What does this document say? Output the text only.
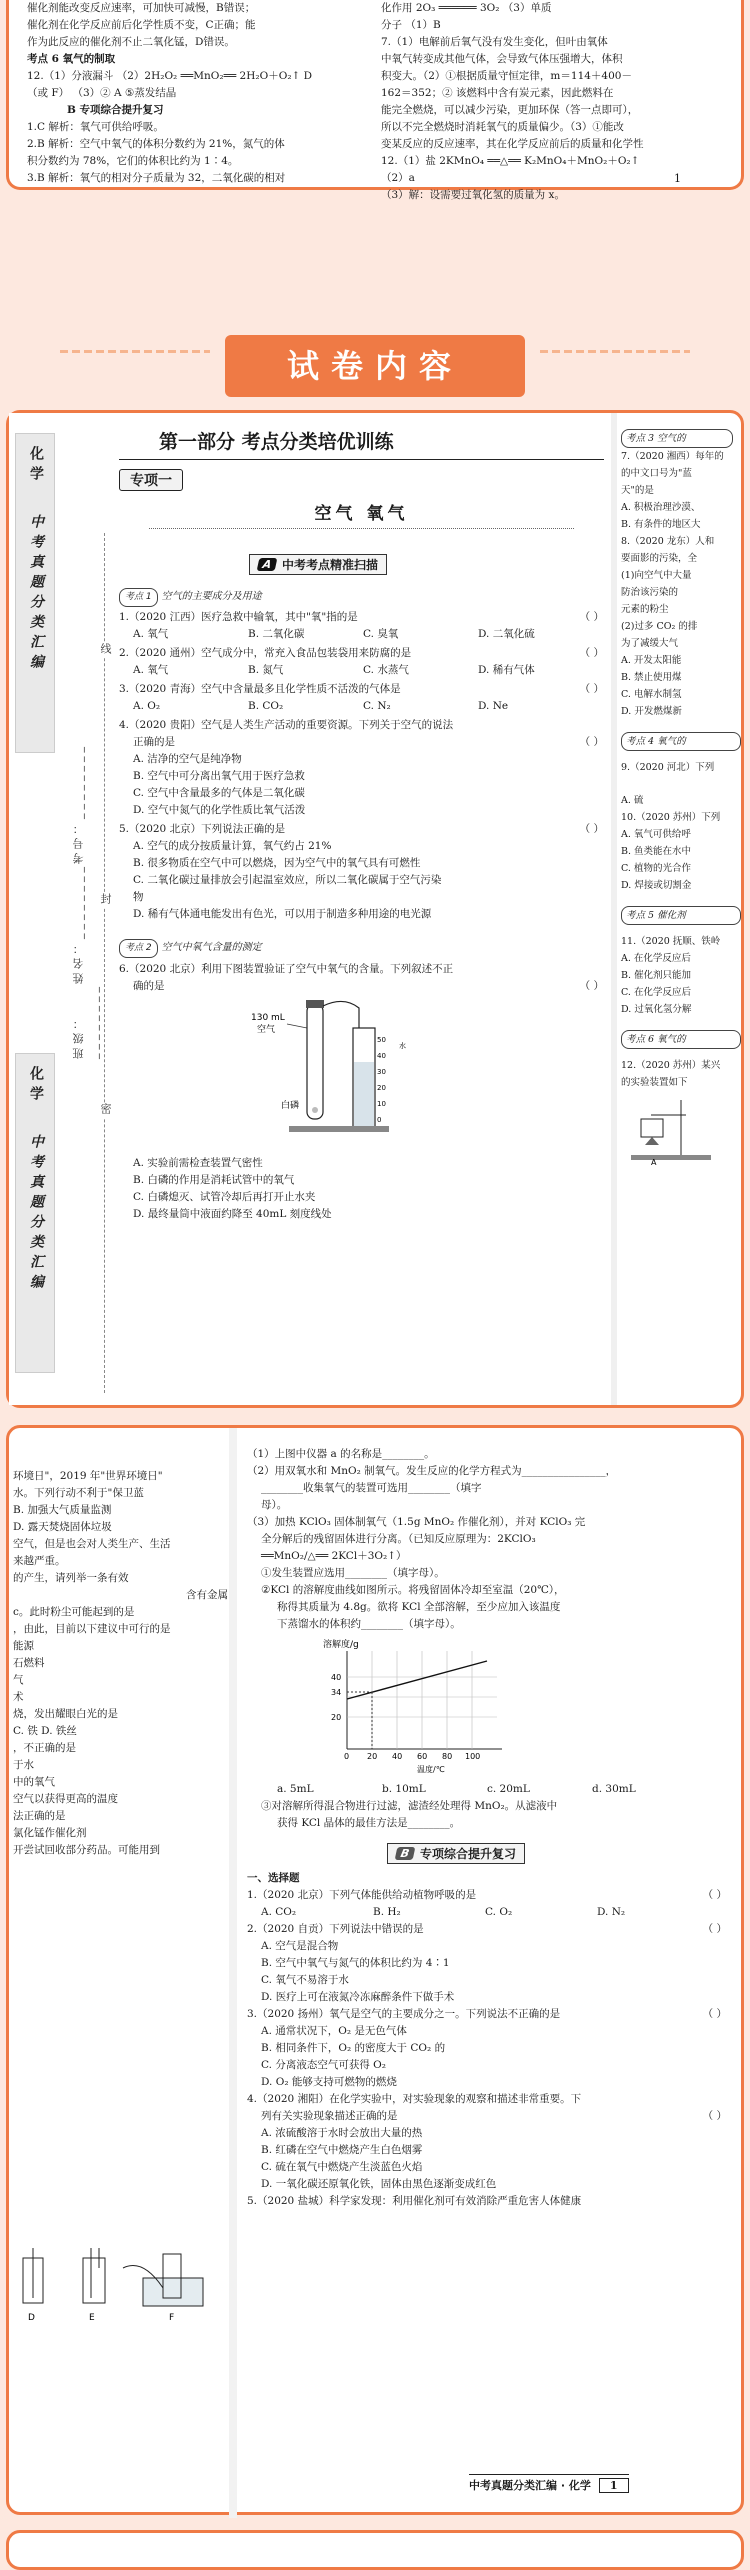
催化剂能改变反应速率，可加快可减慢，B错误；
催化剂在化学反应前后化学性质不变，C正确；能
作为此反应的催化剂不止二氧化锰，D错误。
考点 6 氧气的制取
12.（1）分液漏斗 （2）2H₂O₂ ══MnO₂══ 2H₂O＋O₂↑ D
（或 F） （3）② A ⑤蒸发结晶
B 专项综合提升复习
1.C 解析：氧气可供给呼吸。
2.B 解析：空气中氧气的体积分数约为 21%，氮气的体
积分数约为 78%，它们的体积比约为 1∶4。
3.B 解析：氧气的相对分子质量为 32，二氧化碳的相对
化作用 2O₃ ══════ 3O₂ （3）单质
分子 （1）B
7.（1）电解前后氧气没有发生变化，但叶由氧体
中氧气转变成其他气体，会导致气体压强增大，体积
积变大。（2）①根据质量守恒定律，m＝114＋400－
162＝352；② 该燃料中含有炭元素，因此燃料在
能完全燃烧，可以减少污染，更加环保（答一点即可），
所以不完全燃烧时消耗氧气的质量偏少。（3）①能改
变某反应的反应速率，其在化学反应前后的质量和化学性
12.（1）盐 2KMnO₄ ══△══ K₂MnO₄＋MnO₂＋O₂↑
（2）a
（3）解：设需要过氧化氢的质量为 x。
1
试卷内容
化学
中考真题分类汇编
化学
中考真题分类汇编
班级：________
姓名：________
考号：________
密
封
线
第一部分 考点分类培优训练
专项一
空气 氧气
A 中考考点精准扫描
考点 1 空气的主要成分及用途
1.（2020 江西）医疗急救中输氧，其中"氧"指的是	（ ）
A. 氧气	B. 二氧化碳	C. 臭氧	D. 二氧化硫
2.（2020 通州）空气成分中，常充入食品包装袋用来防腐的是	（ ）
A. 氧气	B. 氮气	C. 水蒸气	D. 稀有气体
3.（2020 青海）空气中含量最多且化学性质不活泼的气体是	（ ）
A. O₂	B. CO₂	C. N₂	D. Ne
4.（2020 贵阳）空气是人类生产活动的重要资源。下列关于空气的说法
正确的是	（ ）
A. 洁净的空气是纯净物
B. 空气中可分离出氧气用于医疗急救
C. 空气中含量最多的气体是二氧化碳
D. 空气中氮气的化学性质比氧气活泼
5.（2020 北京）下列说法正确的是	（ ）
A. 空气的成分按质量计算，氧气约占 21%
B. 很多物质在空气中可以燃烧，因为空气中的氧气具有可燃性
C. 二氧化碳过量排放会引起温室效应，所以二氧化碳属于空气污染
物
D. 稀有气体通电能发出有色光，可以用于制造多种用途的电光源
考点 2 空气中氧气含量的测定
6.（2020 北京）利用下图装置验证了空气中氧气的含量。下列叙述不正
确的是	（ ）
130 mL
空气
白磷
50
40
30
20
10
0
水
A. 实验前需检查装置气密性
B. 白磷的作用是消耗试管中的氧气
C. 白磷熄灭、试管冷却后再打开止水夹
D. 最终量筒中液面约降至 40mL 刻度线处
考点 3 空气的
7.（2020 湘西）每年的
的中文口号为"蓝
天"的是
A. 积极治理沙漠、
B. 有条件的地区大
8.（2020 龙东）人和
要面影的污染，全
(1)向空气中大量
防治该污染的
元素的粉尘
(2)过多 CO₂ 的排
为了减缓大气
A. 开发太阳能
B. 禁止使用煤
C. 电解水制氢
D. 开发燃煤新
考点 4 氧气的
9.（2020 河北）下列
A. 硫
10.（2020 苏州）下列
A. 氧气可供给呼
B. 鱼类能在水中
C. 植物的光合作
D. 焊接或切割金
考点 5 催化剂
11.（2020 抚顺、铁岭
A. 在化学反应后
B. 催化剂只能加
C. 在化学反应后
D. 过氧化氢分解
考点 6 氧气的
12.（2020 苏州）某兴
的实验装置如下
A
环境日"，2019 年"世界环境日"
水。下列行动不利于"保卫蓝
B. 加强大气质量监测
D. 露天焚烧固体垃圾
空气，但是也会对人类生产、生活
来越严重。
的产生，请列举一条有效
含有金属
c。此时粉尘可能起到的是
，由此，目前以下建议中可行的是
能源
石燃料
气
术
烧，发出耀眼白光的是
C. 铁 D. 铁丝
，不正确的是
于水
中的氧气
空气以获得更高的温度
法正确的是
氯化锰作催化剂
开尝试回收部分药品。可能用到
D	E	F
（1）上图中仪器 a 的名称是________。
（2）用双氧水和 MnO₂ 制氧气。发生反应的化学方程式为________________，
________收集氧气的装置可选用________（填字
母）。
（3）加热 KClO₃ 固体制氧气（1.5g MnO₂ 作催化剂），并对 KClO₃ 完
全分解后的残留固体进行分离。（已知反应原理为：2KClO₃
══MnO₂/△══ 2KCl＋3O₂↑）
①发生装置应选用________（填字母）。
②KCl 的溶解度曲线如图所示。将残留固体冷却至室温（20℃），
称得其质量为 4.8g。欲将 KCl 全部溶解，至少应加入该温度
下蒸馏水的体积约________（填字母）。
溶解度/g
40
34
20
0 20 40 60 80 100
温度/℃
a. 5mL	b. 10mL	c. 20mL	d. 30mL
③对溶解所得混合物进行过滤，滤渣经处理得 MnO₂。从滤液中
获得 KCl 晶体的最佳方法是________。
B 专项综合提升复习
一、选择题
1.（2020 北京）下列气体能供给动植物呼吸的是	（ ）
A. CO₂	B. H₂	C. O₂	D. N₂
2.（2020 自贡）下列说法中错误的是	（ ）
A. 空气是混合物
B. 空气中氧气与氮气的体积比约为 4∶1
C. 氧气不易溶于水
D. 医疗上可在液氮冷冻麻醉条件下做手术
3.（2020 扬州）氧气是空气的主要成分之一。下列说法不正确的是	（ ）
A. 通常状况下，O₂ 是无色气体
B. 相同条件下，O₂ 的密度大于 CO₂ 的
C. 分离液态空气可获得 O₂
D. O₂ 能够支持可燃物的燃烧
4.（2020 湘阳）在化学实验中，对实验现象的观察和描述非常重要。下
列有关实验现象描述正确的是	（ ）
A. 浓硫酸溶于水时会放出大量的热
B. 红磷在空气中燃烧产生白色烟雾
C. 硫在氧气中燃烧产生淡蓝色火焰
D. 一氧化碳还原氧化铁，固体由黑色逐渐变成红色
5.（2020 盐城）科学家发现：利用催化剂可有效消除严重危害人体健康
中考真题分类汇编 · 化学	1
